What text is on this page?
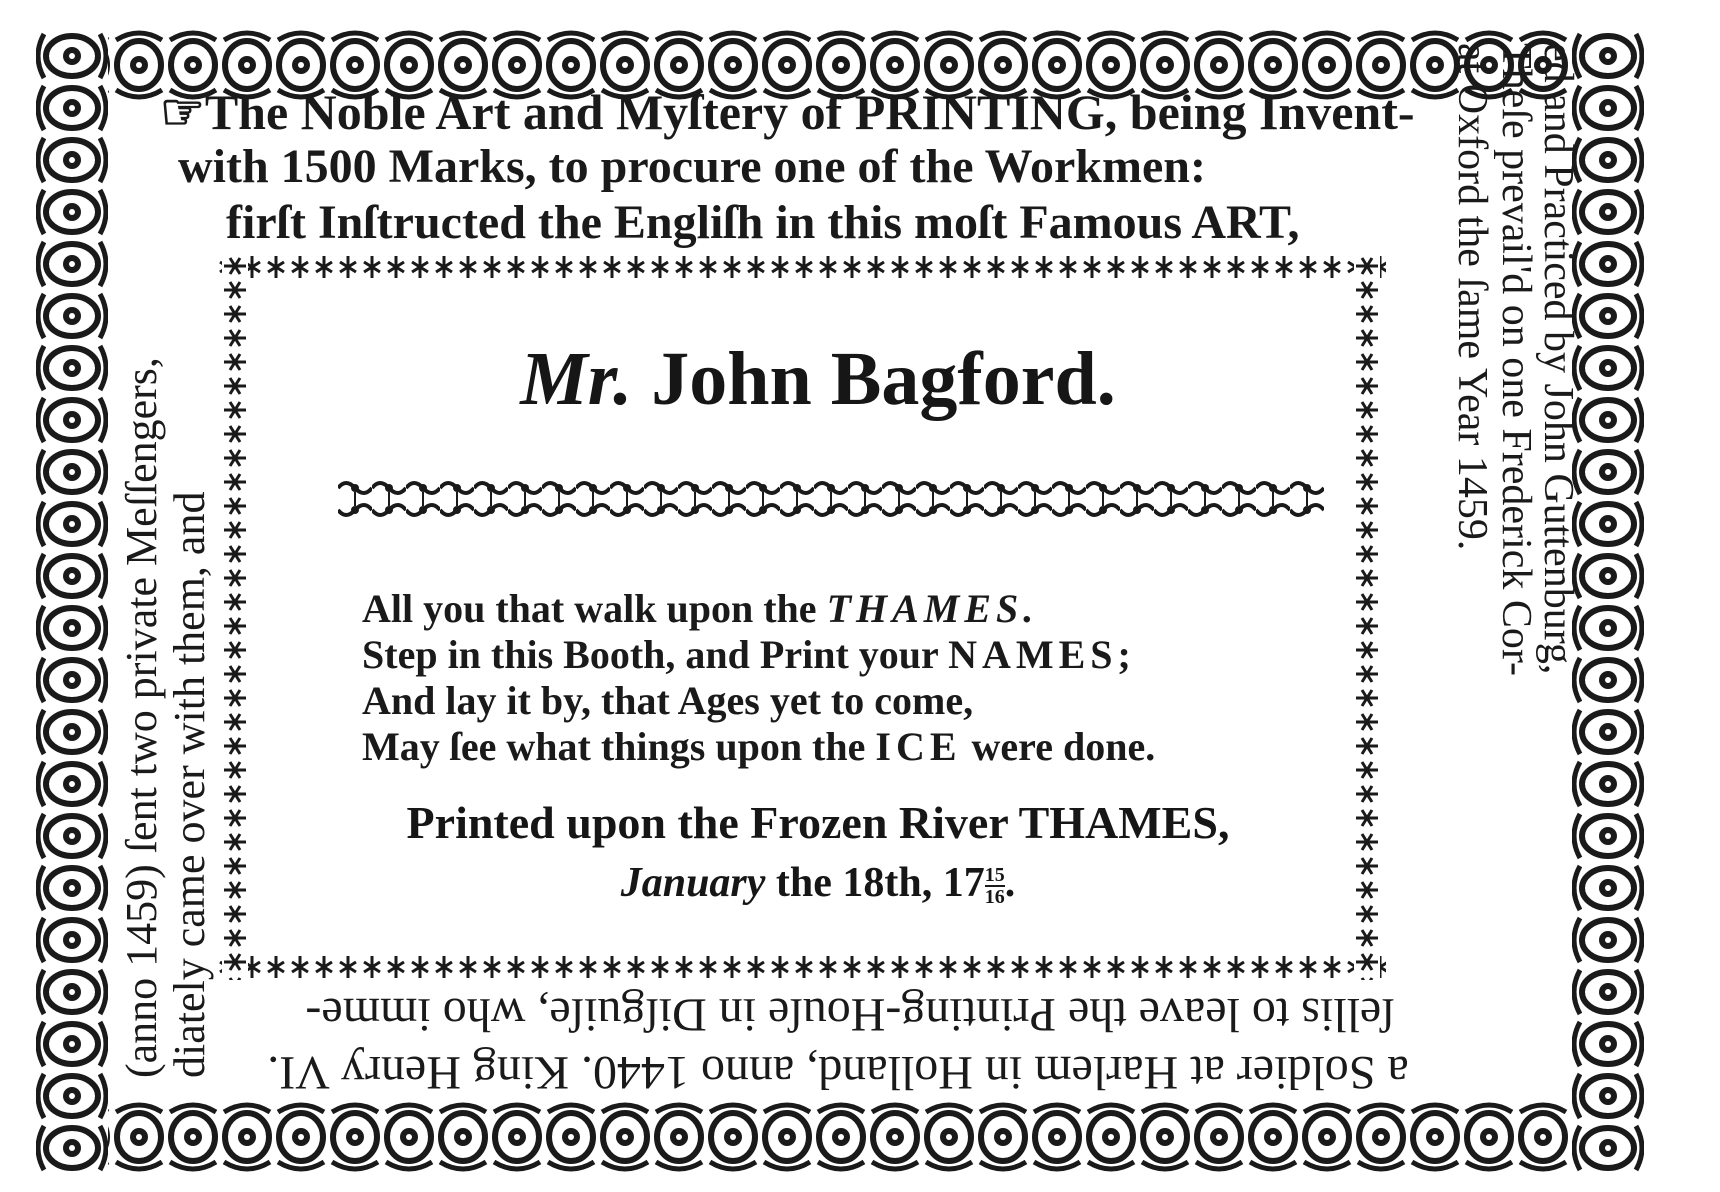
☞The Noble Art and Myſtery of PRINTING, being Invent-
with 1500 Marks, to procure one of the Workmen:
firſt Inſtructed the Engliſh in this moſt Famous ART,	ed and Practiced by John Guttenburg,
Theſe prevail'd on one Frederick Cor-
at Oxford the ſame Year 1459.
a Soldier at Harlem in Holland, anno 1440. King Henry VI.
ſellis to leave the Printing-Houſe in Diſguiſe, who imme-
(anno 1459) ſent two private Meſſengers, diately came over with them, and
Mr. John Bagford.
All you that walk upon the THAMES.
Step in this Booth, and Print your NAMES;
And lay it by, that Ages yet to come,
May ſee what things upon the ICE were done.
Printed upon the Frozen River THAMES,
January the 18th, $17 \frac{15}{16}$ .
